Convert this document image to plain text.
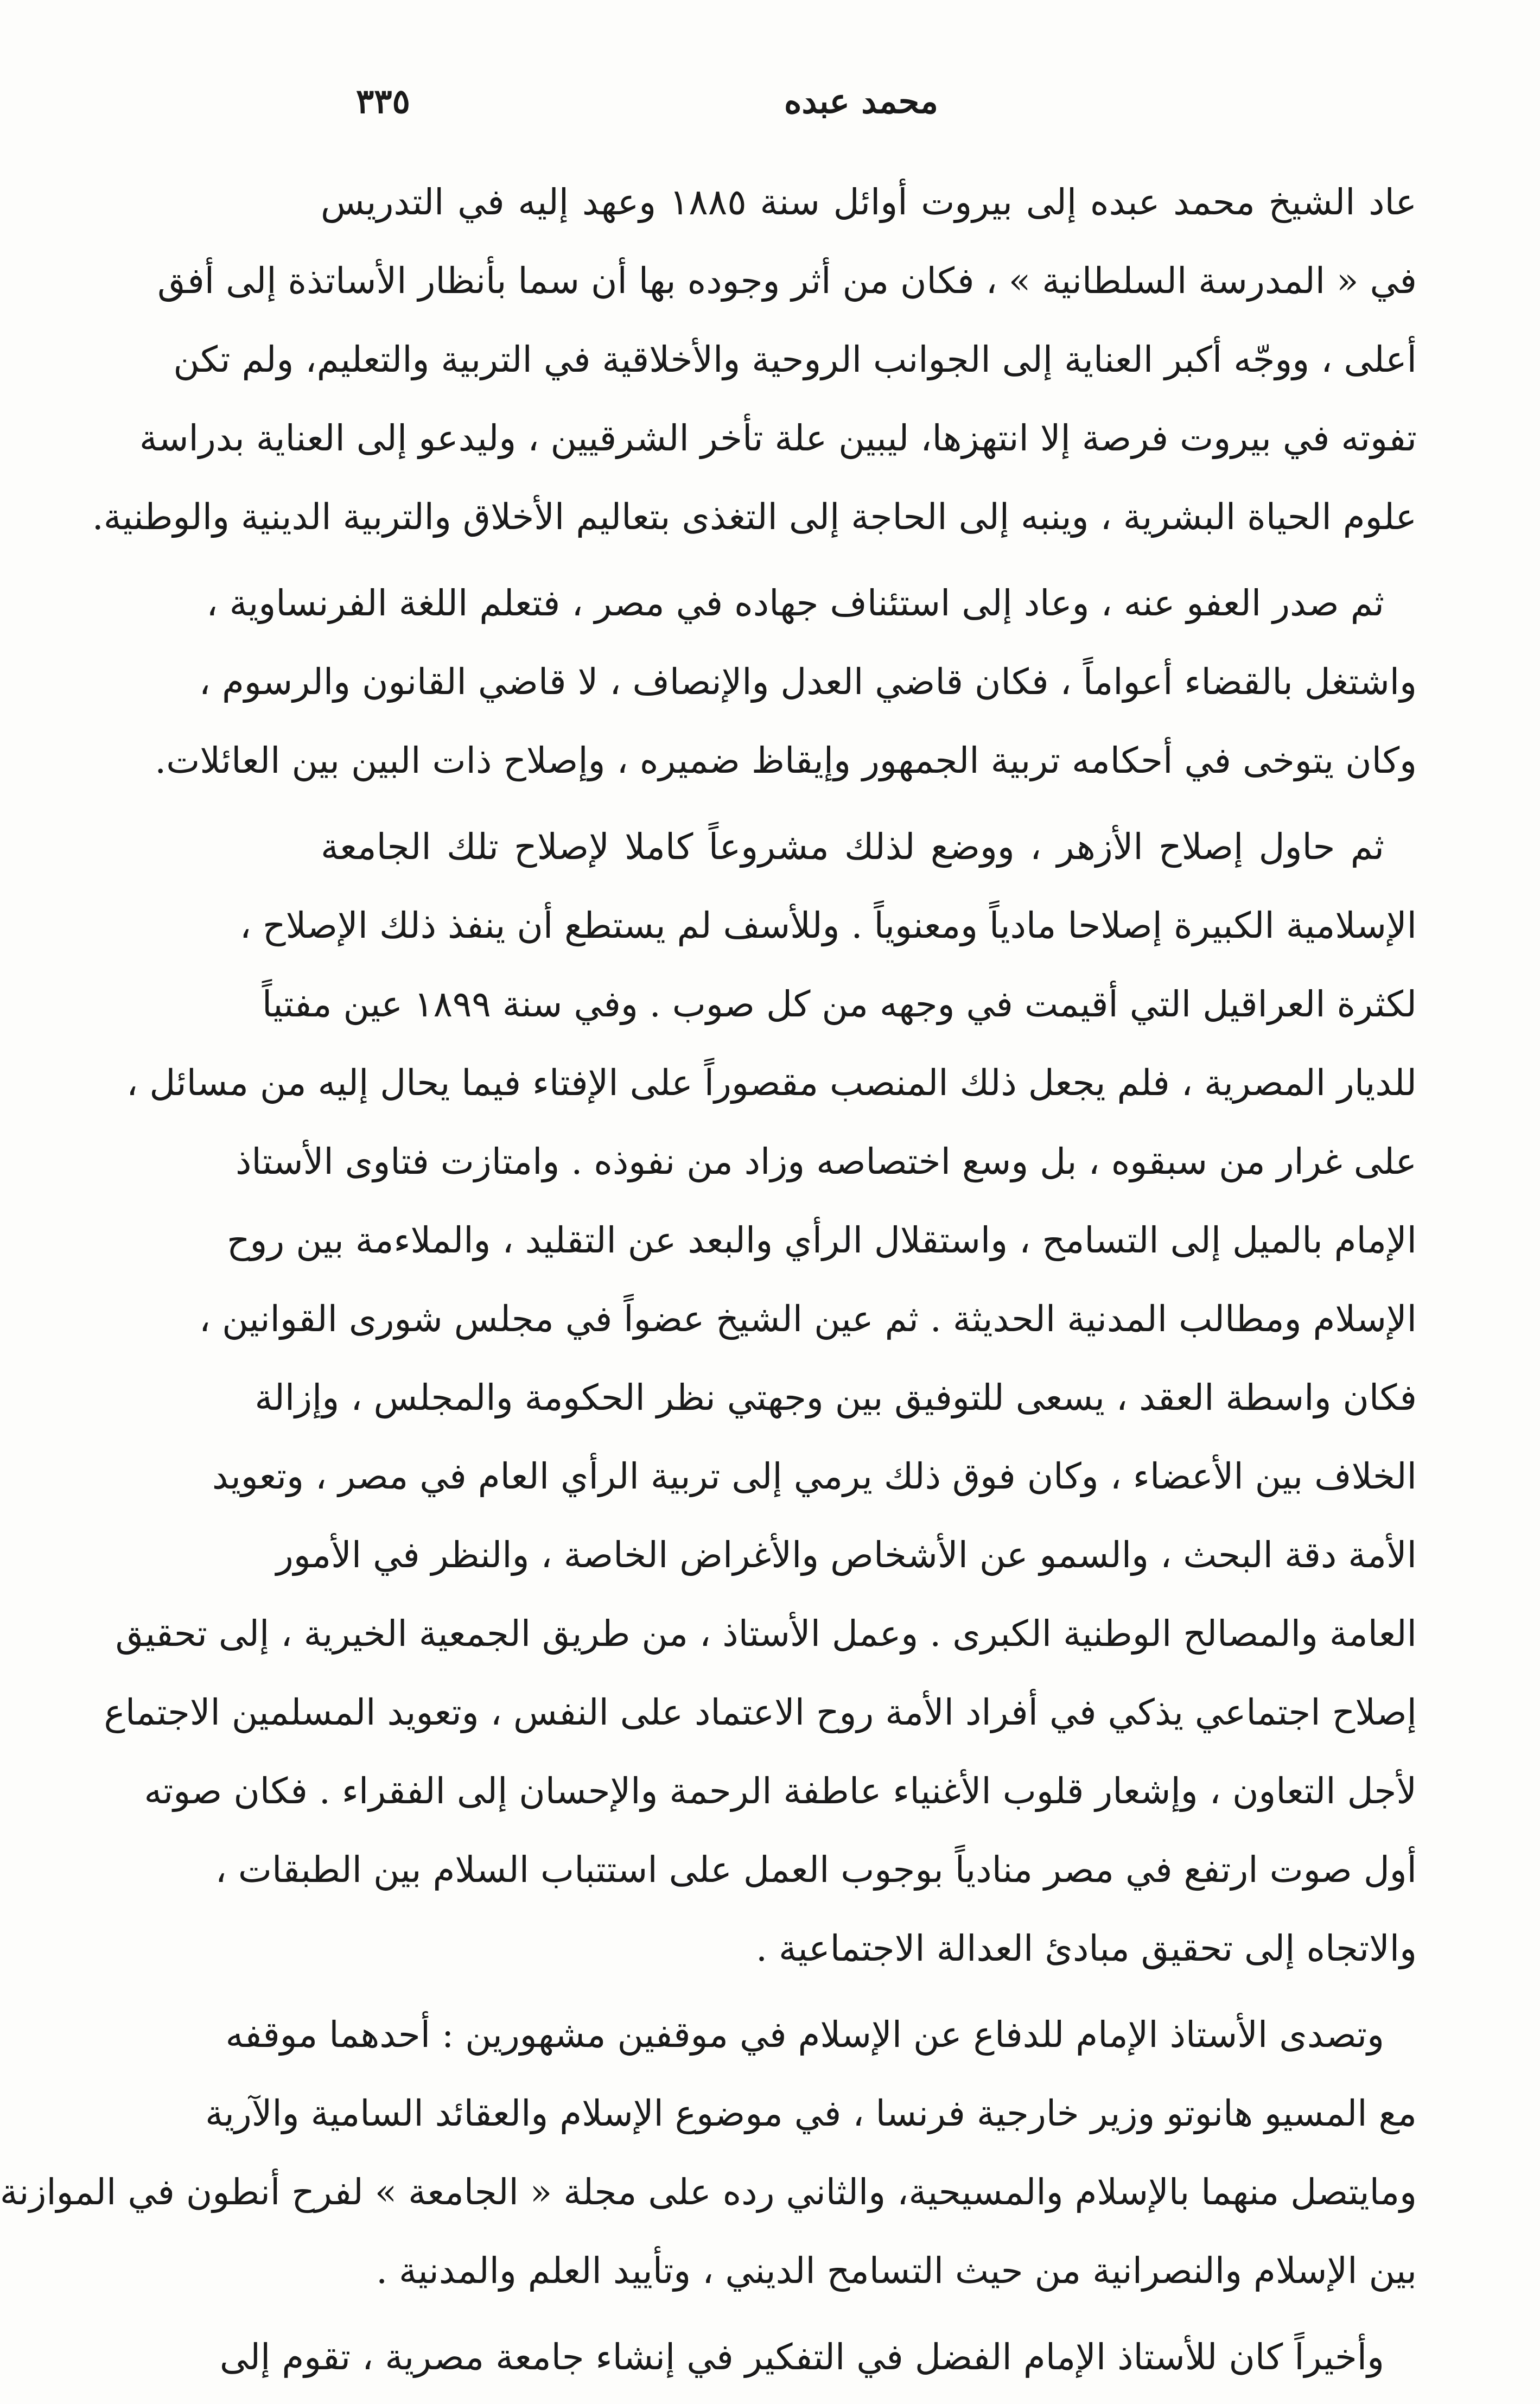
٣٣٥	محمد عبده
عاد الشيخ محمد عبده إلى بيروت أوائل سنة ١٨٨٥ وعهد إليه في التدريس
في « المدرسة السلطانية » ، فكان من أثر وجوده بها أن سما بأنظار الأساتذة إلى أفق
أعلى ، ووجّه أكبر العناية إلى الجوانب الروحية والأخلاقية في التربية والتعليم، ولم تكن
تفوته في بيروت فرصة إلا انتهزها، ليبين علة تأخر الشرقيين ، وليدعو إلى العناية بدراسة
علوم الحياة البشرية ، وينبه إلى الحاجة إلى التغذى بتعاليم الأخلاق والتربية الدينية والوطنية.
ثم صدر العفو عنه ، وعاد إلى استئناف جهاده في مصر ، فتعلم اللغة الفرنساوية ،
واشتغل بالقضاء أعواماً ، فكان قاضي العدل والإنصاف ، لا قاضي القانون والرسوم ،
وكان يتوخى في أحكامه تربية الجمهور وإيقاظ ضميره ، وإصلاح ذات البين بين العائلات.
ثم حاول إصلاح الأزهر ، ووضع لذلك مشروعاً كاملا لإصلاح تلك الجامعة
الإسلامية الكبيرة إصلاحا مادياً ومعنوياً . وللأسف لم يستطع أن ينفذ ذلك الإصلاح ،
لكثرة العراقيل التي أقيمت في وجهه من كل صوب . وفي سنة ١٨٩٩ عين مفتياً
للديار المصرية ، فلم يجعل ذلك المنصب مقصوراً على الإفتاء فيما يحال إليه من مسائل ،
على غرار من سبقوه ، بل وسع اختصاصه وزاد من نفوذه . وامتازت فتاوى الأستاذ
الإمام بالميل إلى التسامح ، واستقلال الرأي والبعد عن التقليد ، والملاءمة بين روح
الإسلام ومطالب المدنية الحديثة . ثم عين الشيخ عضواً في مجلس شورى القوانين ،
فكان واسطة العقد ، يسعى للتوفيق بين وجهتي نظر الحكومة والمجلس ، وإزالة
الخلاف بين الأعضاء ، وكان فوق ذلك يرمي إلى تربية الرأي العام في مصر ، وتعويد
الأمة دقة البحث ، والسمو عن الأشخاص والأغراض الخاصة ، والنظر في الأمور
العامة والمصالح الوطنية الكبرى . وعمل الأستاذ ، من طريق الجمعية الخيرية ، إلى تحقيق
إصلاح اجتماعي يذكي في أفراد الأمة روح الاعتماد على النفس ، وتعويد المسلمين الاجتماع
لأجل التعاون ، وإشعار قلوب الأغنياء عاطفة الرحمة والإحسان إلى الفقراء . فكان صوته
أول صوت ارتفع في مصر منادياً بوجوب العمل على استتباب السلام بين الطبقات ،
والاتجاه إلى تحقيق مبادئ العدالة الاجتماعية .
وتصدى الأستاذ الإمام للدفاع عن الإسلام في موقفين مشهورين : أحدهما موقفه
مع المسيو هانوتو وزير خارجية فرنسا ، في موضوع الإسلام والعقائد السامية والآرية
ومايتصل منهما بالإسلام والمسيحية، والثاني رده على مجلة « الجامعة » لفرح أنطون في الموازنة
بين الإسلام والنصرانية من حيث التسامح الديني ، وتأييد العلم والمدنية .
وأخيراً كان للأستاذ الإمام الفضل في التفكير في إنشاء جامعة مصرية ، تقوم إلى
